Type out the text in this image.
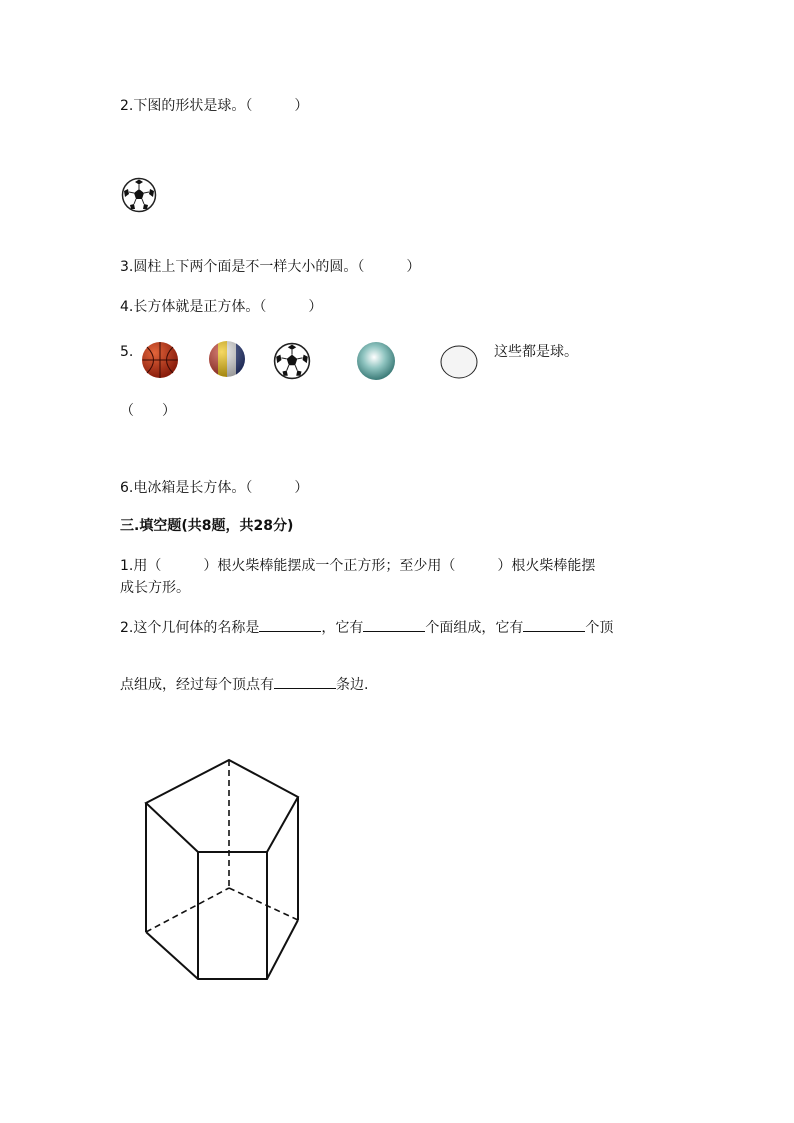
2.下图的形状是球。（　　　）
3.圆柱上下两个面是不一样大小的圆。（　　　）
4.长方体就是正方体。（　　　）
5.	这些都是球。
（　　）
6.电冰箱是长方体。（　　　）
三.填空题(共8题，共28分)
1.用（　　　）根火柴棒能摆成一个正方形；至少用（　　　）根火柴棒能摆
成长方形。
2.这个几何体的名称是	，它有	个面组成，它有	个顶
点组成，经过每个顶点有	条边.
